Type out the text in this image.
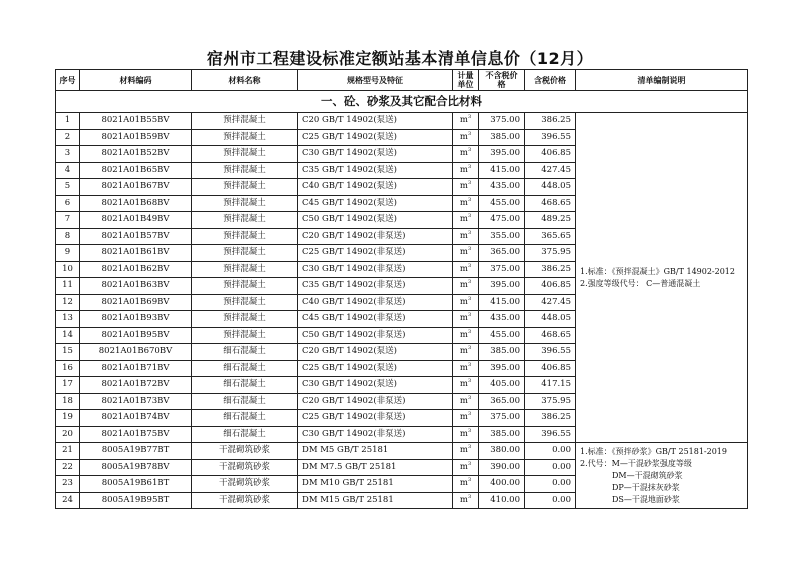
宿州市工程建设标准定额站基本清单信息价（12月）
序号	材料编码	材料名称	规格型号及特征	计量单位	不含税价 格	含税价格	清单编制说明
一、砼、砂浆及其它配合比材料							
1	8021A01B55BV	预拌混凝土	C20 GB/T 14902(泵送)	$m^3$	375.00	386.25	1.标准：《预拌混凝土》GB/T 14902-2012
2.强度等级代号： C—普通混凝土

2	8021A01B59BV	预拌混凝土	C25 GB/T 14902(泵送)	$m^3$	385.00	396.55	
3	8021A01B52BV	预拌混凝土	C30 GB/T 14902(泵送)	$m^3$	395.00	406.85	
4	8021A01B65BV	预拌混凝土	C35 GB/T 14902(泵送)	$m^3$	415.00	427.45	
5	8021A01B67BV	预拌混凝土	C40 GB/T 14902(泵送)	$m^3$	435.00	448.05	
6	8021A01B68BV	预拌混凝土	C45 GB/T 14902(泵送)	$m^3$	455.00	468.65	
7	8021A01B49BV	预拌混凝土	C50 GB/T 14902(泵送)	$m^3$	475.00	489.25	
8	8021A01B57BV	预拌混凝土	C20 GB/T 14902(非泵送)	$m^3$	355.00	365.65	
9	8021A01B61BV	预拌混凝土	C25 GB/T 14902(非泵送)	$m^3$	365.00	375.95	
10	8021A01B62BV	预拌混凝土	C30 GB/T 14902(非泵送)	$m^3$	375.00	386.25	
11	8021A01B63BV	预拌混凝土	C35 GB/T 14902(非泵送)	$m^3$	395.00	406.85	
12	8021A01B69BV	预拌混凝土	C40 GB/T 14902(非泵送)	$m^3$	415.00	427.45	
13	8021A01B93BV	预拌混凝土	C45 GB/T 14902(非泵送)	$m^3$	435.00	448.05	
14	8021A01B95BV	预拌混凝土	C50 GB/T 14902(非泵送)	$m^3$	455.00	468.65	
15	8021A01B670BV	细石混凝土	C20 GB/T 14902(泵送)	$m^3$	385.00	396.55	
16	8021A01B71BV	细石混凝土	C25 GB/T 14902(泵送)	$m^3$	395.00	406.85	
17	8021A01B72BV	细石混凝土	C30 GB/T 14902(泵送)	$m^3$	405.00	417.15	
18	8021A01B73BV	细石混凝土	C20 GB/T 14902(非泵送)	$m^3$	365.00	375.95	
19	8021A01B74BV	细石混凝土	C25 GB/T 14902(非泵送)	$m^3$	375.00	386.25	
20	8021A01B75BV	细石混凝土	C30 GB/T 14902(非泵送)	$m^3$	385.00	396.55	
21	8005A19B77BT	干混砌筑砂浆	DM M5 GB/T 25181	$m^3$	380.00	0.00	1.标准：《预拌砂浆》GB/T 25181-2019
2.代号：M—干混砂浆强度等级
DM—干混砌筑砂浆
DP—干混抹灰砂浆
DS—干混地面砂浆

22	8005A19B78BV	干混砌筑砂浆	DM M7.5 GB/T 25181	$m^3$	390.00	0.00	
23	8005A19B61BT	干混砌筑砂浆	DM M10 GB/T 25181	$m^3$	400.00	0.00	
24	8005A19B95BT	干混砌筑砂浆	DM M15 GB/T 25181	$m^3$	410.00	0.00	
